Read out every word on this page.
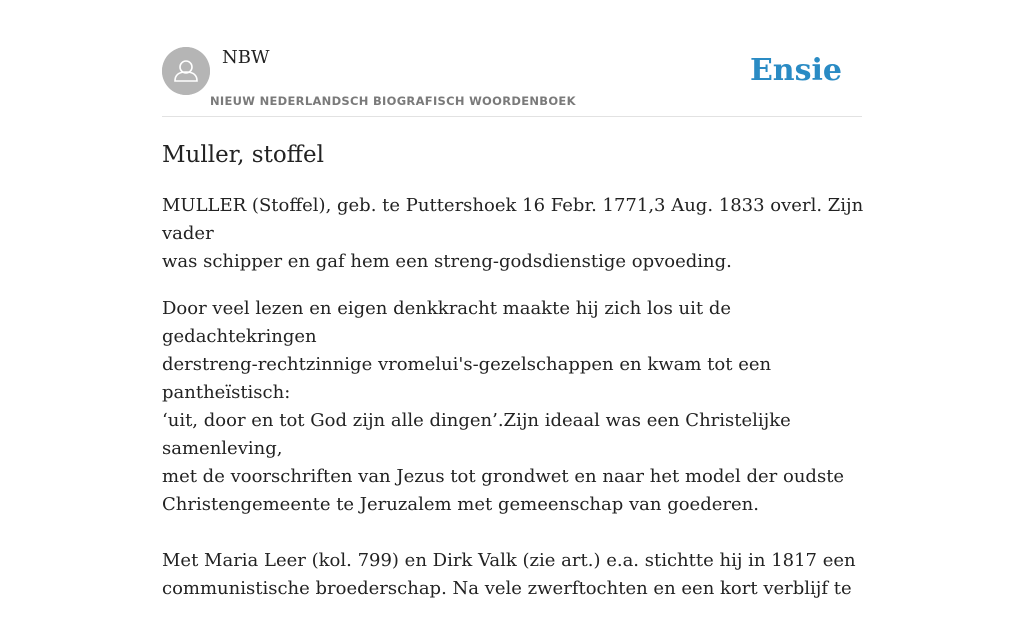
NBW
NIEUW NEDERLANDSCH BIOGRAFISCH WOORDENBOEK
Ensie
Muller, stoffel

MULLER (Stoffel), geb. te Puttershoek 16 Febr. 1771,3 Aug. 1833 overl. Zijn vader
was schipper en gaf hem een streng-godsdienstige opvoeding.

Door veel lezen en eigen denkkracht maakte hij zich los uit de gedachtekringen
derstreng-rechtzinnige vromelui's-gezelschappen en kwam tot een pantheïstisch:
‘uit, door en tot God zijn alle dingen’.Zijn ideaal was een Christelijke samenleving,
met de voorschriften van Jezus tot grondwet en naar het model der oudste
Christengemeente te Jeruzalem met gemeenschap van goederen.

Met Maria Leer (kol. 799) en Dirk Valk (zie art.) e.a. stichtte hij in 1817 een
communistische broederschap. Na vele zwerftochten en een kort verblijf te
